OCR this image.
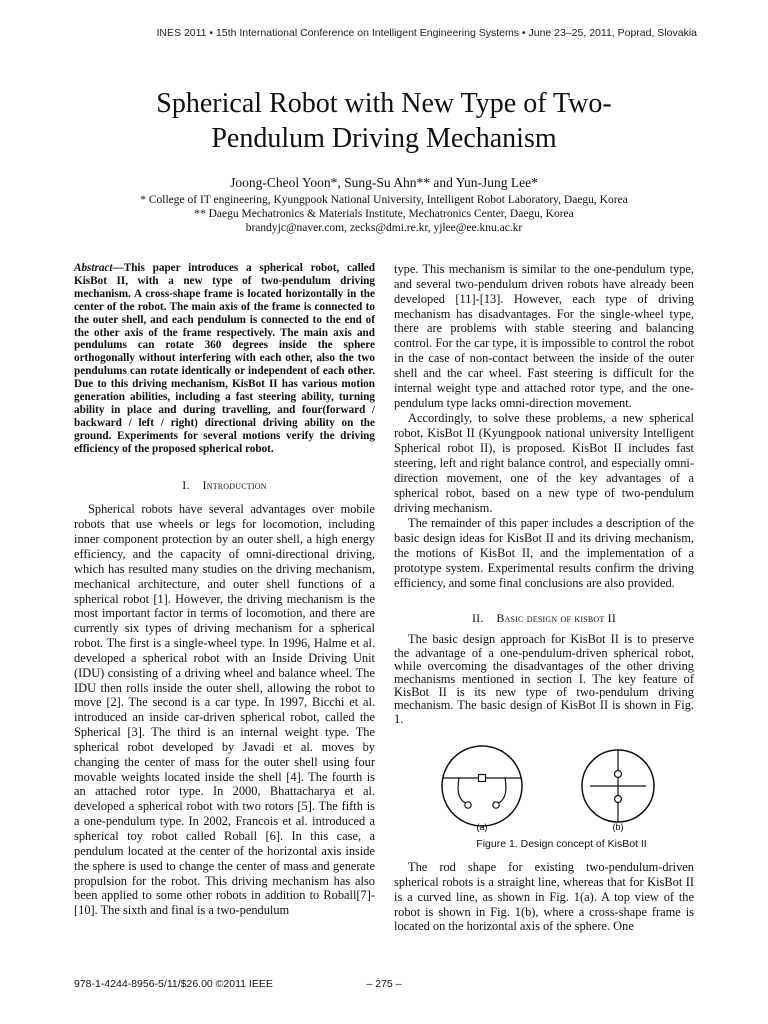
INES 2011 • 15th International Conference on Intelligent Engineering Systems • June 23–25, 2011, Poprad, Slovakia
Spherical Robot with New Type of Two-
Pendulum Driving Mechanism
Joong-Cheol Yoon*, Sung-Su Ahn** and Yun-Jung Lee*
* College of IT engineering, Kyungpook National University, Intelligent Robot Laboratory, Daegu, Korea
** Daegu Mechatronics & Materials Institute, Mechatronics Center, Daegu, Korea
brandyjc@naver.com, zecks@dmi.re.kr, yjlee@ee.knu.ac.kr

Abstract—This paper introduces a spherical robot, called KisBot II, with a new type of two-pendulum driving mechanism. A cross-shape frame is located horizontally in the center of the robot. The main axis of the frame is connected to the outer shell, and each pendulum is connected to the end of the other axis of the frame respectively. The main axis and pendulums can rotate 360 degrees inside the sphere orthogonally without interfering with each other, also the two pendulums can rotate identically or independent of each other. Due to this driving mechanism, KisBot II has various motion generation abilities, including a fast steering ability, turning ability in place and during travelling, and four(forward / backward / left / right) directional driving ability on the ground. Experiments for several motions verify the driving efficiency of the proposed spherical robot.

I. Introduction

Spherical robots have several advantages over mobile robots that use wheels or legs for locomotion, including inner component protection by an outer shell, a high energy efficiency, and the capacity of omni-directional driving, which has resulted many studies on the driving mechanism, mechanical architecture, and outer shell functions of a spherical robot [1]. However, the driving mechanism is the most important factor in terms of locomotion, and there are currently six types of driving mechanism for a spherical robot. The first is a single-wheel type. In 1996, Halme et al. developed a spherical robot with an Inside Driving Unit (IDU) consisting of a driving wheel and balance wheel. The IDU then rolls inside the outer shell, allowing the robot to move [2]. The second is a car type. In 1997, Bicchi et al. introduced an inside car-driven spherical robot, called the Spherical [3]. The third is an internal weight type. The spherical robot developed by Javadi et al. moves by changing the center of mass for the outer shell using four movable weights located inside the shell [4]. The fourth is an attached rotor type. In 2000, Bhattacharya et al. developed a spherical robot with two rotors [5]. The fifth is a one-pendulum type. In 2002, Francois et al. introduced a spherical toy robot called Roball [6]. In this case, a pendulum located at the center of the horizontal axis inside the sphere is used to change the center of mass and generate propulsion for the robot. This driving mechanism has also been applied to some other robots in addition to Roball[7]-[10]. The sixth and final is a two-pendulum

type. This mechanism is similar to the one-pendulum type, and several two-pendulum driven robots have already been developed [11]-[13]. However, each type of driving mechanism has disadvantages. For the single-wheel type, there are problems with stable steering and balancing control. For the car type, it is impossible to control the robot in the case of non-contact between the inside of the outer shell and the car wheel. Fast steering is difficult for the internal weight type and attached rotor type, and the one-pendulum type lacks omni-direction movement.

Accordingly, to solve these problems, a new spherical robot, KisBot II (Kyungpook national university Intelligent Spherical robot II), is proposed. KisBot II includes fast steering, left and right balance control, and especially omni-direction movement, one of the key advantages of a spherical robot, based on a new type of two-pendulum driving mechanism.

The remainder of this paper includes a description of the basic design ideas for KisBot II and its driving mechanism, the motions of KisBot II, and the implementation of a prototype system. Experimental results confirm the driving efficiency, and some final conclusions are also provided.

II. Basic design of kisbot II

The basic design approach for KisBot II is to preserve the advantage of a one-pendulum-driven spherical robot, while overcoming the disadvantages of the other driving mechanisms mentioned in section I. The key feature of KisBot II is its new type of two-pendulum driving mechanism. The basic design of KisBot II is shown in Fig. 1.

(a)	(b)
Figure 1. Design concept of KisBot II

The rod shape for existing two-pendulum-driven spherical robots is a straight line, whereas that for KisBot II is a curved line, as shown in Fig. 1(a). A top view of the robot is shown in Fig. 1(b), where a cross-shape frame is located on the horizontal axis of the sphere. One

978-1-4244-8956-5/11/$26.00 ©2011 IEEE	– 275 –
